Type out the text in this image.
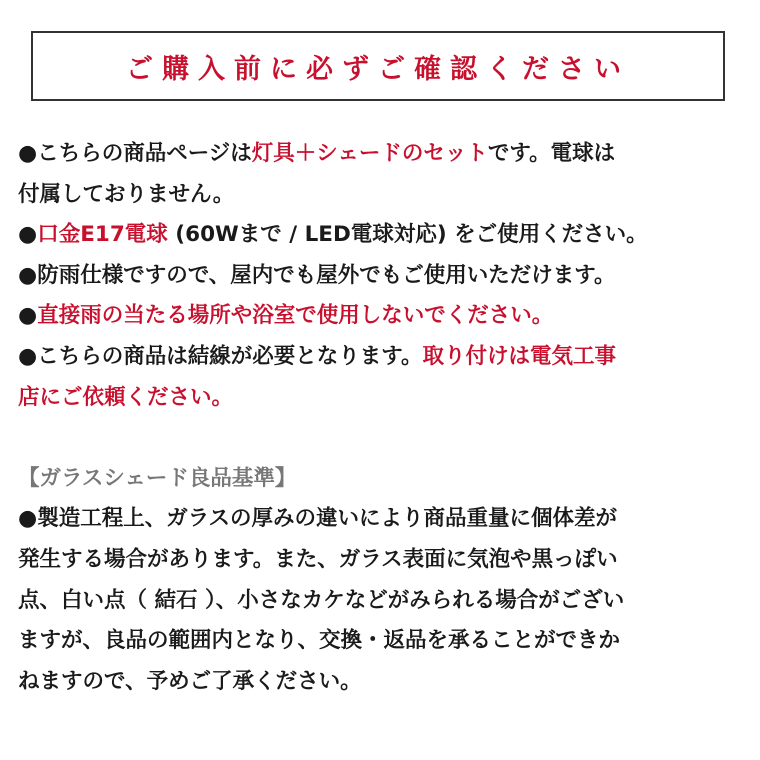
ご購入前に必ずご確認ください
●こちらの商品ページは灯具＋シェードのセットです。電球は
付属しておりません。
●口金E17電球 (60Wまで / LED電球対応) をご使用ください。
●防雨仕様ですので、屋内でも屋外でもご使用いただけます。
●直接雨の当たる場所や浴室で使用しないでください。
●こちらの商品は結線が必要となります。取り付けは電気工事
店にご依頼ください。
【ガラスシェード良品基準】
●製造工程上、ガラスの厚みの違いにより商品重量に個体差が
発生する場合があります。また、ガラス表面に気泡や黒っぽい
点、白い点（ 結石 ）、小さなカケなどがみられる場合がござい
ますが、良品の範囲内となり、交換・返品を承ることができか
ねますので、予めご了承ください。
